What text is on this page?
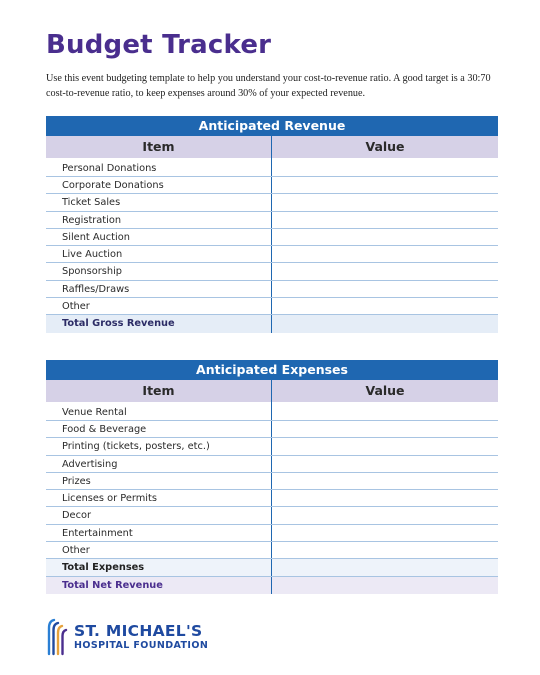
Budget Tracker

Use this event budgeting template to help you understand your cost-to-revenue ratio. A good target is a 30:70 cost-to-revenue ratio, to keep expenses around 30% of your expected revenue.

Anticipated Revenue
Item	Value
Personal Donations
Corporate Donations
Ticket Sales
Registration
Silent Auction
Live Auction
Sponsorship
Raffles/Draws
Other
Total Gross Revenue
Anticipated Expenses
Item	Value
Venue Rental
Food & Beverage
Printing (tickets, posters, etc.)
Advertising
Prizes
Licenses or Permits
Decor
Entertainment
Other
Total Expenses
Total Net Revenue
ST. MICHAEL'S
HOSPITAL FOUNDATION
